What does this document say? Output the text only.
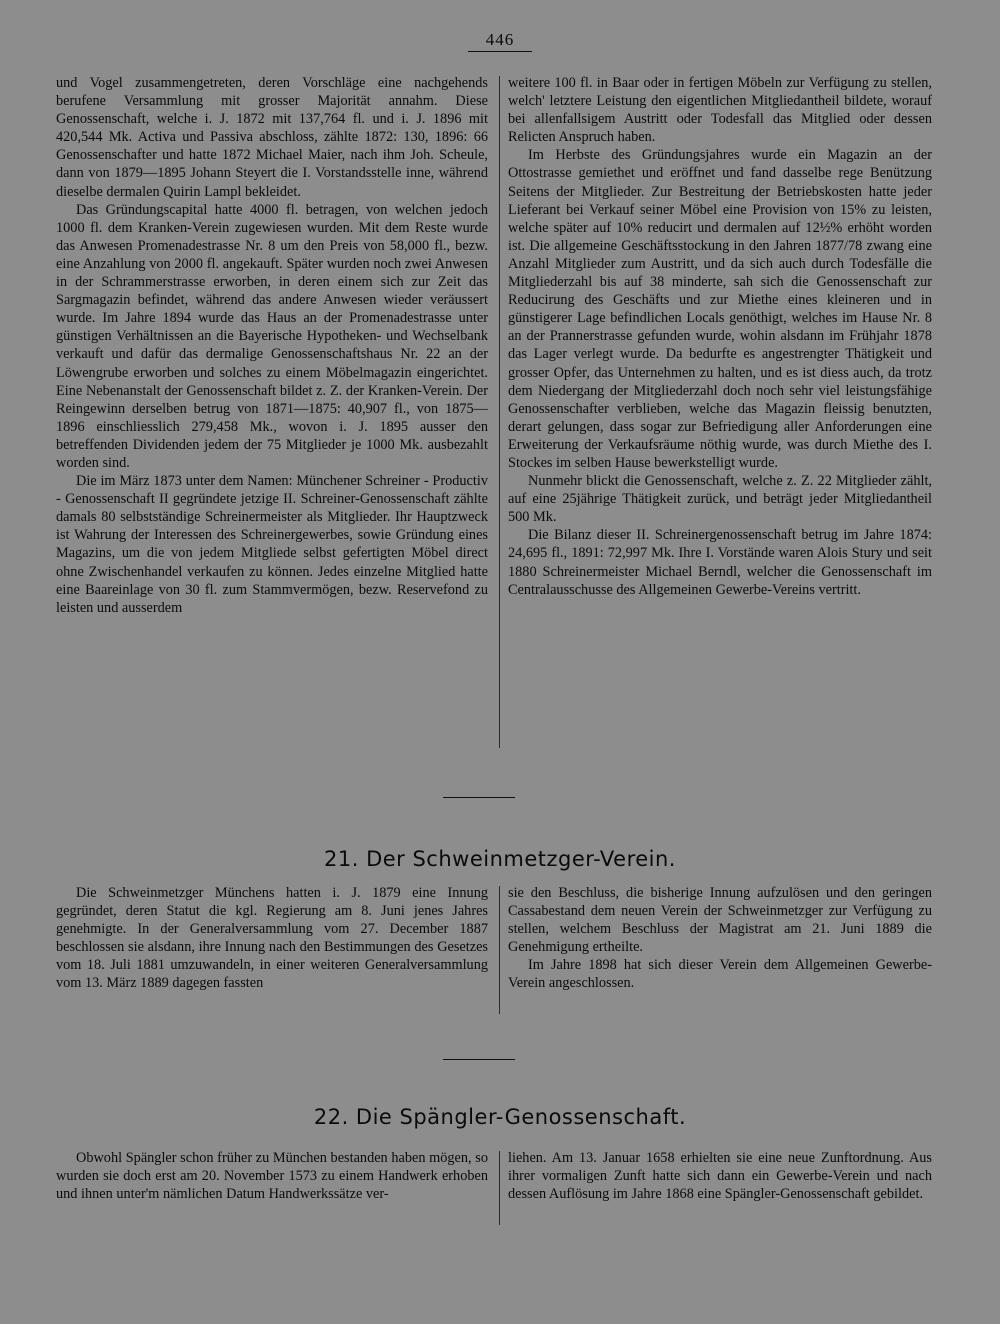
446

und Vogel zusammengetreten, deren Vorschläge eine nachgehends berufene Versammlung mit grosser Majorität annahm. Diese Genossenschaft, welche i. J. 1872 mit 137,764 fl. und i. J. 1896 mit 420,544 Mk. Activa und Passiva abschloss, zählte 1872: 130, 1896: 66 Genossenschafter und hatte 1872 Michael Maier, nach ihm Joh. Scheule, dann von 1879—1895 Johann Steyert die I. Vorstandsstelle inne, während dieselbe dermalen Quirin Lampl bekleidet.

Das Gründungscapital hatte 4000 fl. betragen, von welchen jedoch 1000 fl. dem Kranken-Verein zugewiesen wurden. Mit dem Reste wurde das Anwesen Promenadestrasse Nr. 8 um den Preis von 58,000 fl., bezw. eine Anzahlung von 2000 fl. angekauft. Später wurden noch zwei Anwesen in der Schrammerstrasse erworben, in deren einem sich zur Zeit das Sargmagazin befindet, während das andere Anwesen wieder veräussert wurde. Im Jahre 1894 wurde das Haus an der Promenadestrasse unter günstigen Verhältnissen an die Bayerische Hypotheken- und Wechselbank verkauft und dafür das dermalige Genossenschaftshaus Nr. 22 an der Löwengrube erworben und solches zu einem Möbelmagazin eingerichtet. Eine Nebenanstalt der Genossenschaft bildet z. Z. der Kranken-Verein. Der Reingewinn derselben betrug von 1871—1875: 40,907 fl., von 1875—1896 einschliesslich 279,458 Mk., wovon i. J. 1895 ausser den betreffenden Dividenden jedem der 75 Mitglieder je 1000 Mk. ausbezahlt worden sind.

Die im März 1873 unter dem Namen: Münchener Schreiner - Productiv - Genossenschaft II gegründete jetzige II. Schreiner-Genossenschaft zählte damals 80 selbstständige Schreinermeister als Mitglieder. Ihr Hauptzweck ist Wahrung der Interessen des Schreinergewerbes, sowie Gründung eines Magazins, um die von jedem Mitgliede selbst gefertigten Möbel direct ohne Zwischenhandel verkaufen zu können. Jedes einzelne Mitglied hatte eine Baareinlage von 30 fl. zum Stammvermögen, bezw. Reservefond zu leisten und ausserdem

weitere 100 fl. in Baar oder in fertigen Möbeln zur Verfügung zu stellen, welch' letztere Leistung den eigentlichen Mitgliedantheil bildete, worauf bei allenfallsigem Austritt oder Todesfall das Mitglied oder dessen Relicten Anspruch haben.

Im Herbste des Gründungsjahres wurde ein Magazin an der Ottostrasse gemiethet und eröffnet und fand dasselbe rege Benützung Seitens der Mitglieder. Zur Bestreitung der Betriebskosten hatte jeder Lieferant bei Verkauf seiner Möbel eine Provision von 15% zu leisten, welche später auf 10% reducirt und dermalen auf 12½% erhöht worden ist. Die allgemeine Geschäftsstockung in den Jahren 1877/78 zwang eine Anzahl Mitglieder zum Austritt, und da sich auch durch Todesfälle die Mitgliederzahl bis auf 38 minderte, sah sich die Genossenschaft zur Reducirung des Geschäfts und zur Miethe eines kleineren und in günstigerer Lage befindlichen Locals genöthigt, welches im Hause Nr. 8 an der Prannerstrasse gefunden wurde, wohin alsdann im Frühjahr 1878 das Lager verlegt wurde. Da bedurfte es angestrengter Thätigkeit und grosser Opfer, das Unternehmen zu halten, und es ist diess auch, da trotz dem Niedergang der Mitgliederzahl doch noch sehr viel leistungsfähige Genossenschafter verblieben, welche das Magazin fleissig benutzten, derart gelungen, dass sogar zur Befriedigung aller Anforderungen eine Erweiterung der Verkaufsräume nöthig wurde, was durch Miethe des I. Stockes im selben Hause bewerkstelligt wurde.

Nunmehr blickt die Genossenschaft, welche z. Z. 22 Mitglieder zählt, auf eine 25jährige Thätigkeit zurück, und beträgt jeder Mitgliedantheil 500 Mk.

Die Bilanz dieser II. Schreinergenossenschaft betrug im Jahre 1874: 24,695 fl., 1891: 72,997 Mk. Ihre I. Vorstände waren Alois Stury und seit 1880 Schreinermeister Michael Berndl, welcher die Genossenschaft im Centralausschusse des Allgemeinen Gewerbe-Vereins vertritt.

21. Der Schweinmetzger-Verein.

Die Schweinmetzger Münchens hatten i. J. 1879 eine Innung gegründet, deren Statut die kgl. Regierung am 8. Juni jenes Jahres genehmigte. In der Generalversammlung vom 27. December 1887 beschlossen sie alsdann, ihre Innung nach den Bestimmungen des Gesetzes vom 18. Juli 1881 umzuwandeln, in einer weiteren Generalversammlung vom 13. März 1889 dagegen fassten

sie den Beschluss, die bisherige Innung aufzulösen und den geringen Cassabestand dem neuen Verein der Schweinmetzger zur Verfügung zu stellen, welchem Beschluss der Magistrat am 21. Juni 1889 die Genehmigung ertheilte.

Im Jahre 1898 hat sich dieser Verein dem Allgemeinen Gewerbe-Verein angeschlossen.

22. Die Spängler-Genossenschaft.

Obwohl Spängler schon früher zu München bestanden haben mögen, so wurden sie doch erst am 20. November 1573 zu einem Handwerk erhoben und ihnen unter'm nämlichen Datum Handwerkssätze ver-

liehen. Am 13. Januar 1658 erhielten sie eine neue Zunftordnung. Aus ihrer vormaligen Zunft hatte sich dann ein Gewerbe-Verein und nach dessen Auflösung im Jahre 1868 eine Spängler-Genossenschaft gebildet.
